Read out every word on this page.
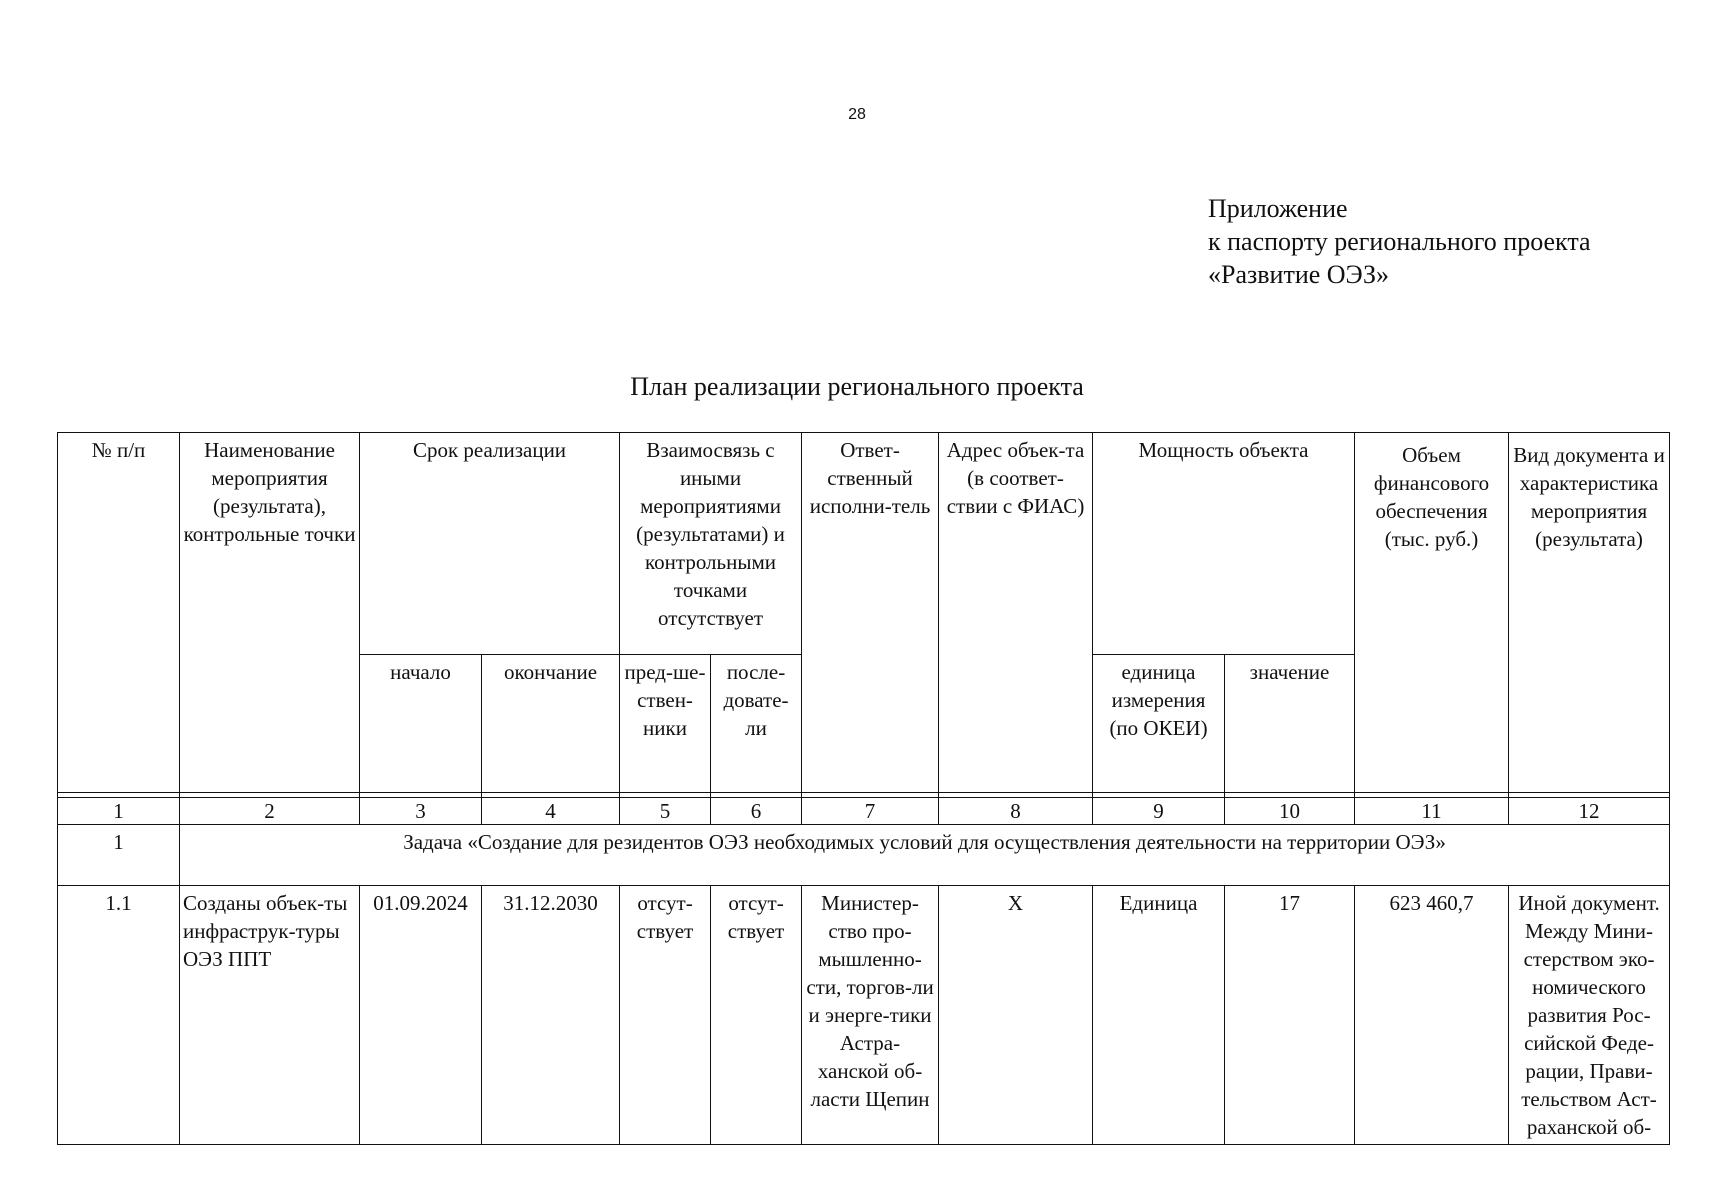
28
Приложение
к паспорту регионального проекта
«Развитие ОЭЗ»
План реализации регионального проекта
№ п/п	Наименование мероприятия (результата), контрольные точки	Срок реализации		Взаимосвязь с иными мероприятиями (результатами) и контрольными точками отсутствует		Ответ-ственный исполни-тель	Адрес объек-та (в соответ-ствии с ФИАС)	Мощность объекта		Объем финансового обеспечения (тыс. руб.)	Вид документа и характеристика мероприятия (результата)
		начало	окончание	пред-ше-ствен-ники	после-довате-ли			единица измерения (по ОКЕИ)	значение		

1	2	3	4	5	6	7	8	9	10	11	12
1	Задача «Создание для резидентов ОЭЗ необходимых условий для осуществления деятельности на территории ОЭЗ»										
1.1	Созданы объек-ты инфраструк-туры ОЭЗ ППТ	01.09.2024	31.12.2030	отсут-ствует	отсут-ствует	Министер-ство про-мышленно-сти, торгов-ли и энерге-тики Астра-ханской об-ласти Щепин	Х	Единица	17	623 460,7	Иной документ. Между Мини-стерством эко-номического развития Рос-сийской Феде-рации, Прави-тельством Аст-раханской об-
